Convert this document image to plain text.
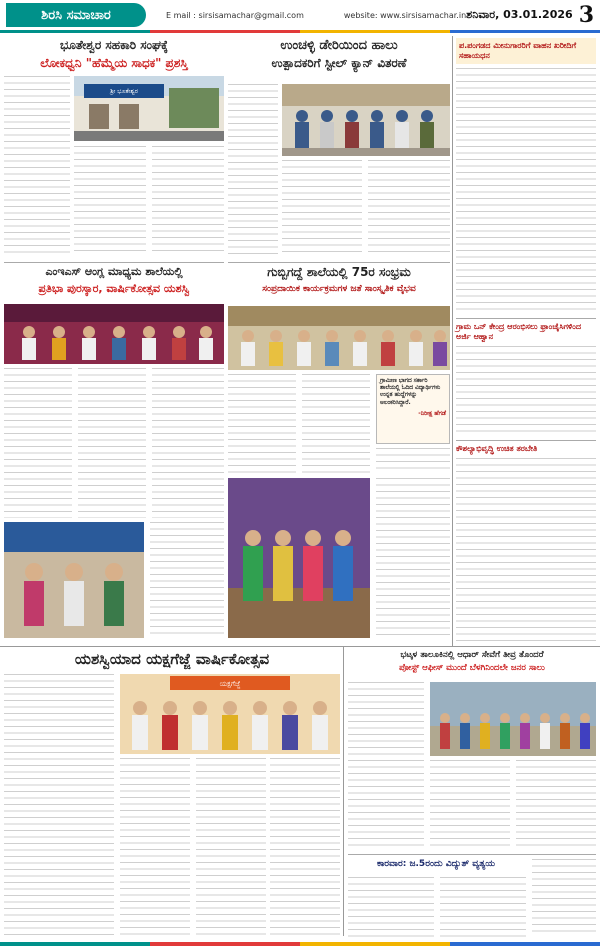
ಶಿರಸಿ ಸಮಾಚಾರ	E mail : sirsisamachar@gmail.com	website: www.sirsisamachar.in ಶನಿವಾರ, 03.01.2026 3
ಭೂತೇಶ್ವರ ಸಹಕಾರಿ ಸಂಘಕ್ಕೆ
ಲೋಕಧ್ವನಿ "ಹೆಮ್ಮೆಯ ಸಾಧಕ" ಪ್ರಶಸ್ತಿ
ಶ್ರೀ ಭೂತೇಶ್ವರ
ಉಂಚಳ್ಳಿ ಡೇರಿಯಿಂದ ಹಾಲು
ಉತ್ಪಾದಕರಿಗೆ ಸ್ಟೀಲ್ ಕ್ಯಾನ್ ವಿತರಣೆ
ಎಂಇಎಸ್ ಆಂಗ್ಲ ಮಾಧ್ಯಮ ಶಾಲೆಯಲ್ಲಿ
ಪ್ರತಿಭಾ ಪುರಸ್ಕಾರ, ವಾರ್ಷಿಕೋತ್ಸವ ಯಶಸ್ವಿ
ಗುಬ್ಬಿಗದ್ದೆ ಶಾಲೆಯಲ್ಲಿ 75ರ ಸಂಭ್ರಮ
ಸಂಪ್ರದಾಯಿಕ ಕಾರ್ಯಕ್ರಮಗಳ ಜತೆ ಸಾಂಸ್ಕೃತಿಕ ವೈಭವ
ಗ್ರಾಮೀಣ ಭಾಗದ ಸರ್ಕಾರಿ ಶಾಲೆಯಲ್ಲಿ ಓದಿದ ವಿದ್ಯಾರ್ಥಿಗಳು ಉನ್ನತ ಹುದ್ದೆಗಳನ್ನು ಅಲಂಕರಿಸಿದ್ದಾರೆ.
-ನಿರೀಕ್ಷ ಹೆಗಡೆ
ಪ.ಪಂಗಡದ ಮೀನುಗಾರರಿಗೆ ವಾಹನ ಖರೀದಿಗೆ ಸಹಾಯಧನ
ಗ್ರಾಮ ಒನ್ ಕೇಂದ್ರ ಆರಂಭಿಸಲು ಫ್ರಾಂಚೈಸಿಗಳಿಂದ ಅರ್ಜಿ ಆಹ್ವಾನ
ಕೌಶಲ್ಯಾಭಿವೃದ್ಧಿ ಉಚಿತ ತರಬೇತಿ
ಯಶಸ್ವಿಯಾದ ಯಕ್ಷಗೆಜ್ಜೆ ವಾರ್ಷಿಕೋತ್ಸವ
ಯಕ್ಷಗೆಜ್ಜೆ
ಭಟ್ಕಳ ತಾಲೂಕಿನಲ್ಲಿ ಆಧಾರ್ ಸೇವೆಗೆ ತೀವ್ರ ತೊಂದರೆ
ಪೋಸ್ಟ್ ಆಫೀಸ್ ಮುಂದೆ ಬೆಳಗಿನಿಂದಲೇ ಜನರ ಸಾಲು
ಕಾರವಾರ: ಜ.5ರಂದು ವಿದ್ಯುತ್ ವ್ಯತ್ಯಯ
